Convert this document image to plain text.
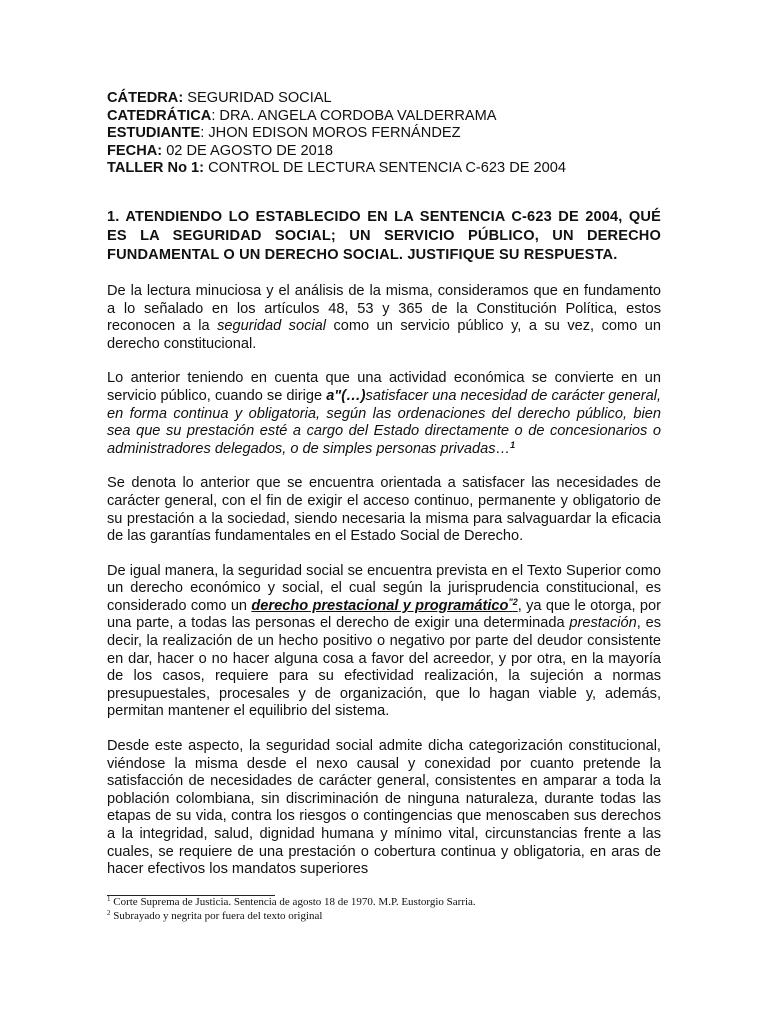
CÁTEDRA: SEGURIDAD SOCIAL

CATEDRÁTICA: DRA. ANGELA CORDOBA VALDERRAMA

ESTUDIANTE: JHON EDISON MOROS FERNÁNDEZ

FECHA: 02 DE AGOSTO DE 2018

TALLER No 1: CONTROL DE LECTURA SENTENCIA C-623 DE 2004

1. ATENDIENDO LO ESTABLECIDO EN LA SENTENCIA C-623 DE 2004, QUÉ ES LA SEGURIDAD SOCIAL; UN SERVICIO PÚBLICO, UN DERECHO FUNDAMENTAL O UN DERECHO SOCIAL. JUSTIFIQUE SU RESPUESTA.

De la lectura minuciosa y el análisis de la misma, consideramos que en fundamento a lo señalado en los artículos 48, 53 y 365 de la Constitución Política, estos reconocen a la seguridad social como un servicio público y, a su vez, como un derecho constitucional.

Lo anterior teniendo en cuenta que una actividad económica se convierte en un servicio público, cuando se dirige a"(…)satisfacer una necesidad de carácter general, en forma continua y obligatoria, según las ordenaciones del derecho público, bien sea que su prestación esté a cargo del Estado directamente o de concesionarios o administradores delegados, o de simples personas privadas…$^1$

Se denota lo anterior que se encuentra orientada a satisfacer las necesidades de carácter general, con el fin de exigir el acceso continuo, permanente y obligatorio de su prestación a la sociedad, siendo necesaria la misma para salvaguardar la eficacia de las garantías fundamentales en el Estado Social de Derecho.

De igual manera, la seguridad social se encuentra prevista en el Texto Superior como un derecho económico y social, el cual según la jurisprudencia constitucional, es considerado como un derecho prestacional y programático$^{"2}$, ya que le otorga, por una parte, a todas las personas el derecho de exigir una determinada prestación, es decir, la realización de un hecho positivo o negativo por parte del deudor consistente en dar, hacer o no hacer alguna cosa a favor del acreedor, y por otra, en la mayoría de los casos, requiere para su efectividad realización, la sujeción a normas presupuestales, procesales y de organización, que lo hagan viable y, además, permitan mantener el equilibrio del sistema.

Desde este aspecto, la seguridad social admite dicha categorización constitucional, viéndose la misma desde el nexo causal y conexidad por cuanto pretende la satisfacción de necesidades de carácter general, consistentes en amparar a toda la población colombiana, sin discriminación de ninguna naturaleza, durante todas las etapas de su vida, contra los riesgos o contingencias que menoscaben sus derechos a la integridad, salud, dignidad humana y mínimo vital, circunstancias frente a las cuales, se requiere de una prestación o cobertura continua y obligatoria, en aras de hacer efectivos los mandatos superiores

$^1$ Corte Suprema de Justicia. Sentencia de agosto 18 de 1970. M.P. Eustorgio Sarria.

$^2$ Subrayado y negrita por fuera del texto original
